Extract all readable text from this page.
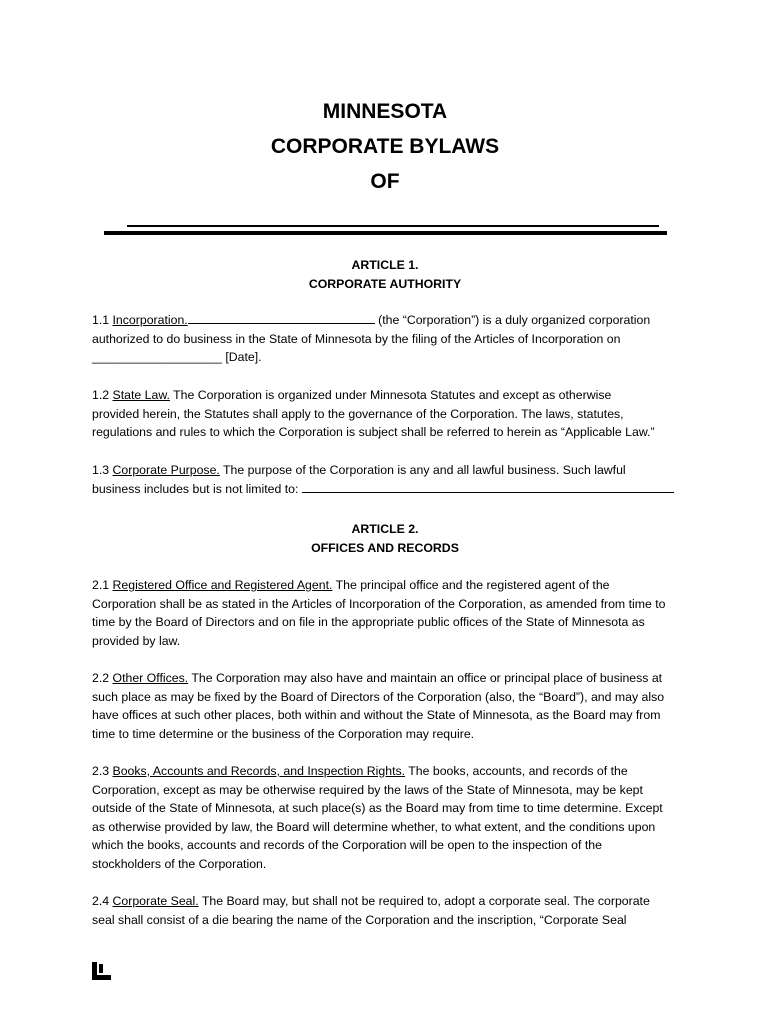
MINNESOTA
CORPORATE BYLAWS
OF
ARTICLE 1.
CORPORATE AUTHORITY
1.1 Incorporation.	(the “Corporation”) is a duly organized corporation
authorized to do business in the State of Minnesota by the filing of the Articles of Incorporation on
___________________ [Date].
1.2 State Law. The Corporation is organized under Minnesota Statutes and except as otherwise
provided herein, the Statutes shall apply to the governance of the Corporation. The laws, statutes,
regulations and rules to which the Corporation is subject shall be referred to herein as “Applicable Law.”
1.3 Corporate Purpose. The purpose of the Corporation is any and all lawful business. Such lawful
business includes but is not limited to:
ARTICLE 2.
OFFICES AND RECORDS
2.1 Registered Office and Registered Agent. The principal office and the registered agent of the
Corporation shall be as stated in the Articles of Incorporation of the Corporation, as amended from time to
time by the Board of Directors and on file in the appropriate public offices of the State of Minnesota as
provided by law.
2.2 Other Offices. The Corporation may also have and maintain an office or principal place of business at
such place as may be fixed by the Board of Directors of the Corporation (also, the “Board”), and may also
have offices at such other places, both within and without the State of Minnesota, as the Board may from
time to time determine or the business of the Corporation may require.
2.3 Books, Accounts and Records, and Inspection Rights. The books, accounts, and records of the
Corporation, except as may be otherwise required by the laws of the State of Minnesota, may be kept
outside of the State of Minnesota, at such place(s) as the Board may from time to time determine. Except
as otherwise provided by law, the Board will determine whether, to what extent, and the conditions upon
which the books, accounts and records of the Corporation will be open to the inspection of the
stockholders of the Corporation.
2.4 Corporate Seal. The Board may, but shall not be required to, adopt a corporate seal. The corporate
seal shall consist of a die bearing the name of the Corporation and the inscription, “Corporate Seal
